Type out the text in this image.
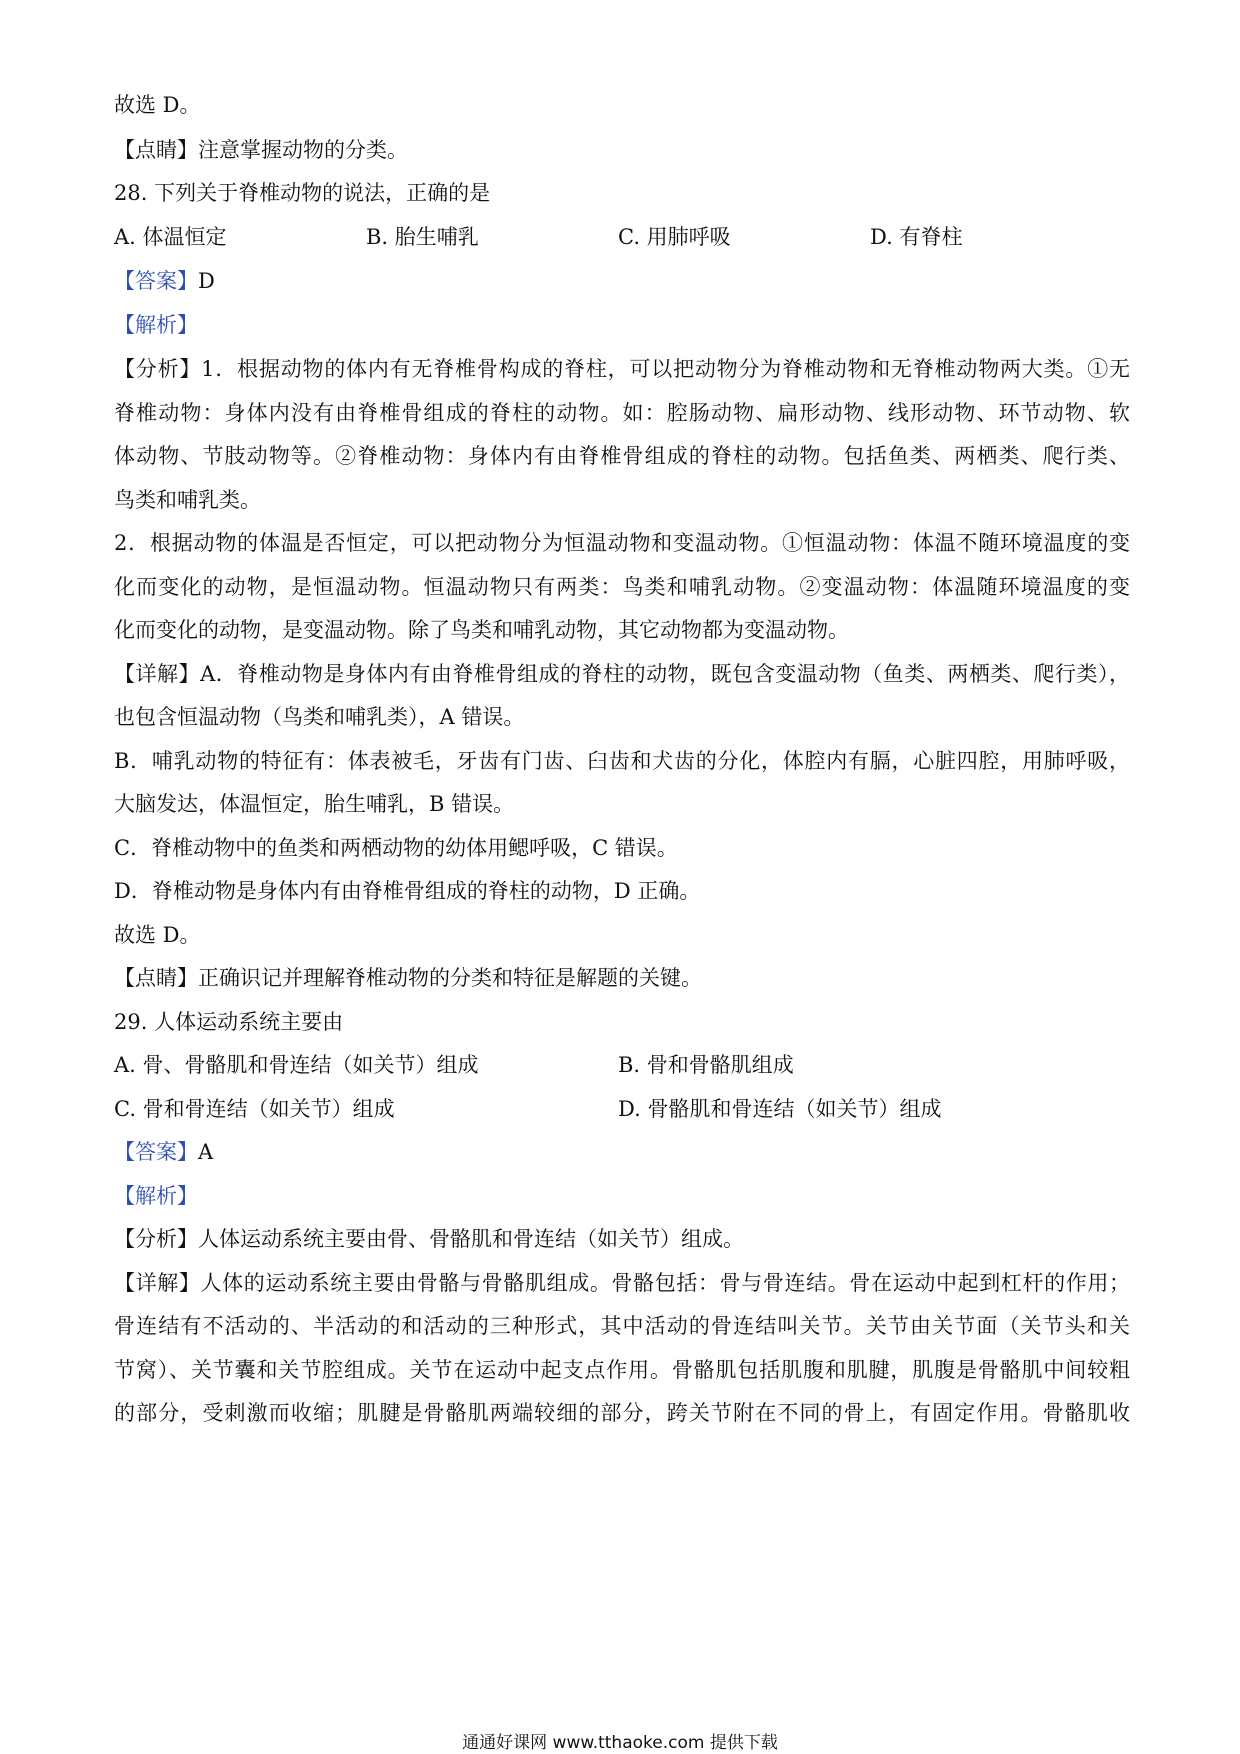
故选 D。
【点睛】注意掌握动物的分类。
28. 下列关于脊椎动物的说法，正确的是
A. 体温恒定	B. 胎生哺乳	C. 用肺呼吸	D. 有脊柱
【答案】D
【解析】
【分析】1．根据动物的体内有无脊椎骨构成的脊柱，可以把动物分为脊椎动物和无脊椎动物两大类。①无
脊椎动物：身体内没有由脊椎骨组成的脊柱的动物。如：腔肠动物、扁形动物、线形动物、环节动物、软
体动物、节肢动物等。②脊椎动物：身体内有由脊椎骨组成的脊柱的动物。包括鱼类、两栖类、爬行类、
鸟类和哺乳类。
2．根据动物的体温是否恒定，可以把动物分为恒温动物和变温动物。①恒温动物：体温不随环境温度的变
化而变化的动物，是恒温动物。恒温动物只有两类：鸟类和哺乳动物。②变温动物：体温随环境温度的变
化而变化的动物，是变温动物。除了鸟类和哺乳动物，其它动物都为变温动物。
【详解】A．脊椎动物是身体内有由脊椎骨组成的脊柱的动物，既包含变温动物（鱼类、两栖类、爬行类），
也包含恒温动物（鸟类和哺乳类），A 错误。
B．哺乳动物的特征有：体表被毛，牙齿有门齿、臼齿和犬齿的分化，体腔内有膈，心脏四腔，用肺呼吸，
大脑发达，体温恒定，胎生哺乳，B 错误。
C．脊椎动物中的鱼类和两栖动物的幼体用鳃呼吸，C 错误。
D．脊椎动物是身体内有由脊椎骨组成的脊柱的动物，D 正确。
故选 D。
【点睛】正确识记并理解脊椎动物的分类和特征是解题的关键。
29. 人体运动系统主要由
A. 骨、骨骼肌和骨连结（如关节）组成	B. 骨和骨骼肌组成
C. 骨和骨连结（如关节）组成	D. 骨骼肌和骨连结（如关节）组成
【答案】A
【解析】
【分析】人体运动系统主要由骨、骨骼肌和骨连结（如关节）组成。
【详解】人体的运动系统主要由骨骼与骨骼肌组成。骨骼包括：骨与骨连结。骨在运动中起到杠杆的作用；
骨连结有不活动的、半活动的和活动的三种形式，其中活动的骨连结叫关节。关节由关节面（关节头和关
节窝）、关节囊和关节腔组成。关节在运动中起支点作用。骨骼肌包括肌腹和肌腱，肌腹是骨骼肌中间较粗
的部分，受刺激而收缩；肌腱是骨骼肌两端较细的部分，跨关节附在不同的骨上，有固定作用。骨骼肌收
通通好课网 www.tthaoke.com 提供下载
